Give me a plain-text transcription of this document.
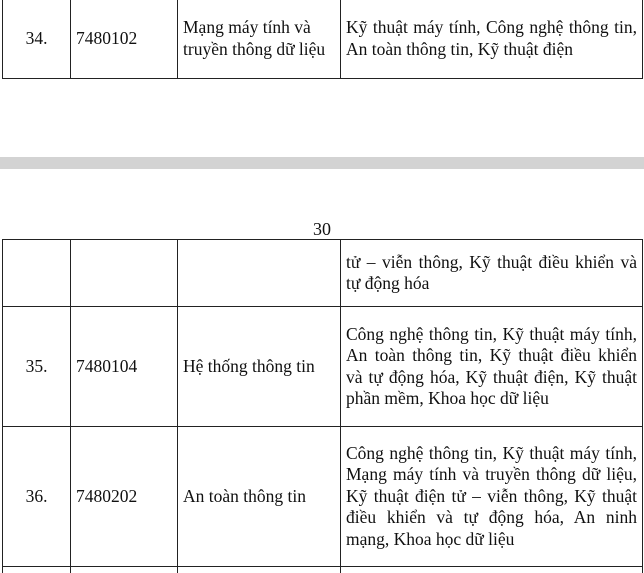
34.	7480102	Mạng máy tính và truyền thông dữ liệu	Kỹ thuật máy tính, Công nghệ thông tin, An toàn thông tin, Kỹ thuật điện
30
			tử – viễn thông, Kỹ thuật điều khiển và tự động hóa
35.	7480104	Hệ thống thông tin	Công nghệ thông tin, Kỹ thuật máy tính, An toàn thông tin, Kỹ thuật điều khiển và tự động hóa, Kỹ thuật điện, Kỹ thuật phần mềm, Khoa học dữ liệu
36.	7480202	An toàn thông tin	Công nghệ thông tin, Kỹ thuật máy tính, Mạng máy tính và truyền thông dữ liệu, Kỹ thuật điện tử – viễn thông, Kỹ thuật điều khiển và tự động hóa, An ninh mạng, Khoa học dữ liệu
